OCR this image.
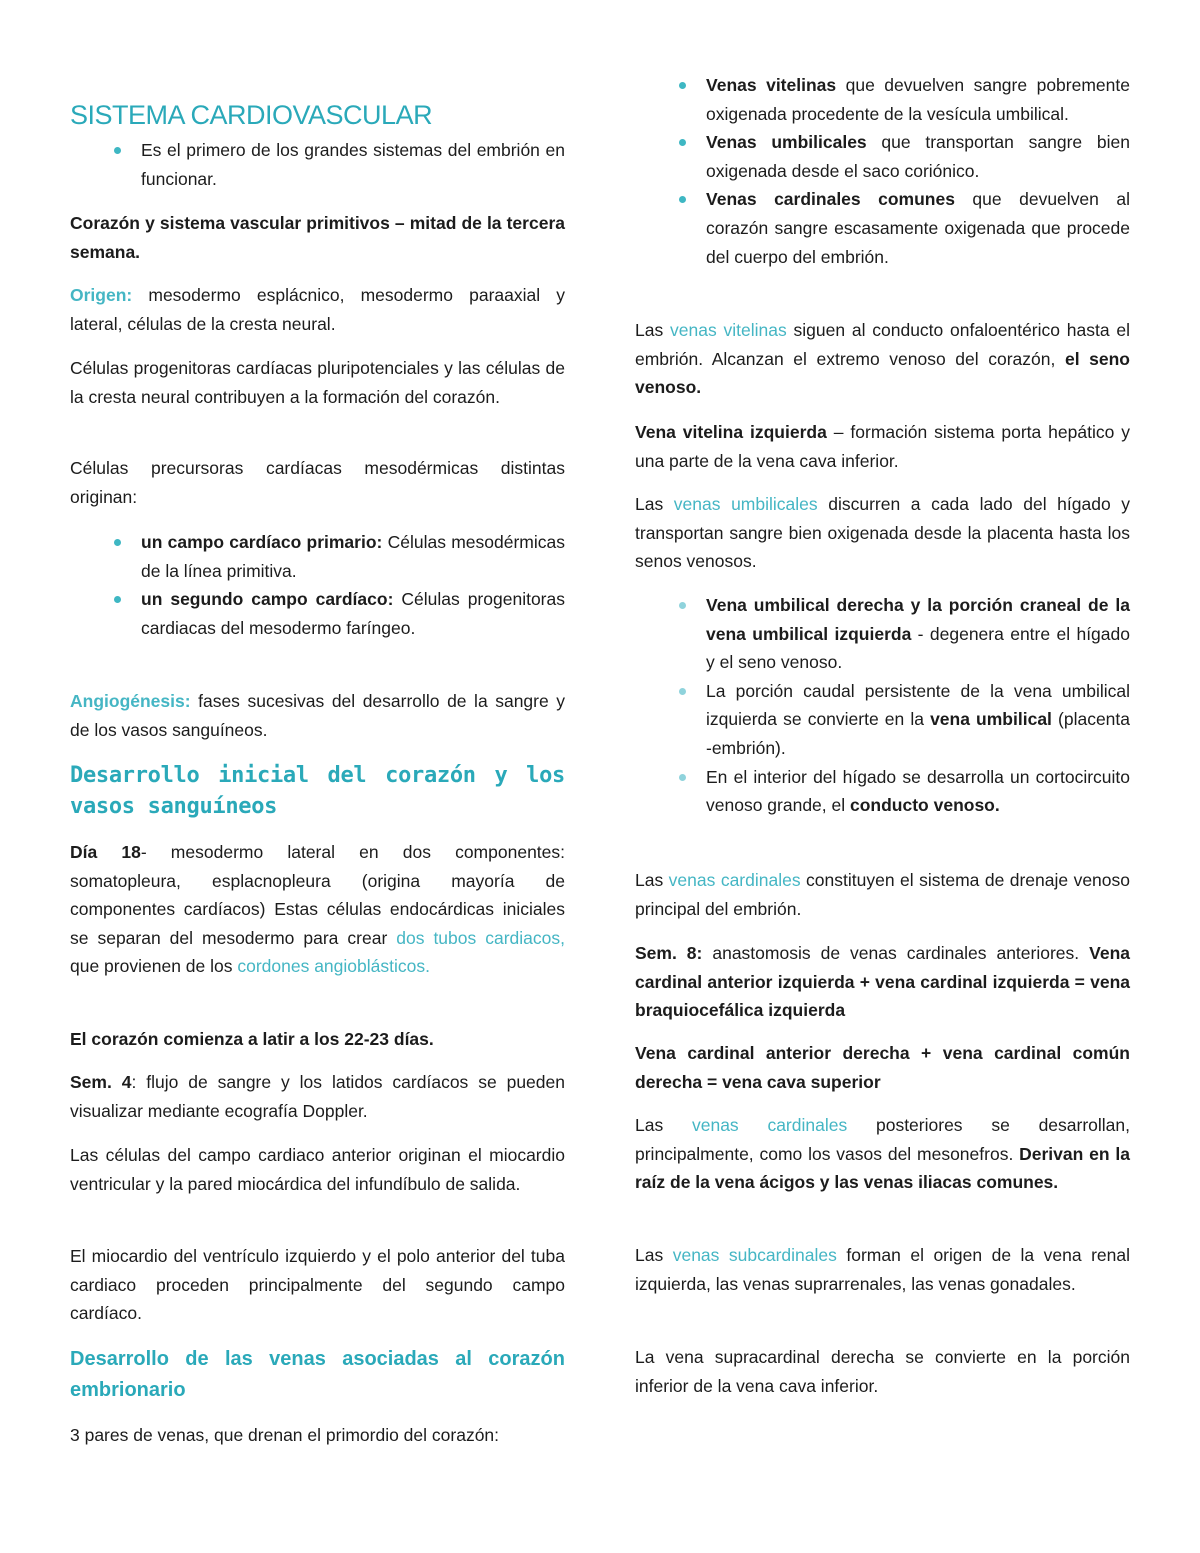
SISTEMA CARDIOVASCULAR
Es el primero de los grandes sistemas del embrión en funcionar.

Corazón y sistema vascular primitivos – mitad de la tercera semana.

Origen: mesodermo esplácnico, mesodermo paraaxial y lateral, células de la cresta neural.

Células progenitoras cardíacas pluripotenciales y las células de la cresta neural contribuyen a la formación del corazón.

Células precursoras cardíacas mesodérmicas distintas originan:

un campo cardíaco primario: Células mesodérmicas de la línea primitiva.
un segundo campo cardíaco: Células progenitoras cardiacas del mesodermo faríngeo.

Angiogénesis: fases sucesivas del desarrollo de la sangre y de los vasos sanguíneos.

Desarrollo inicial del corazón y los vasos sanguíneos

Día 18- mesodermo lateral en dos componentes: somatopleura, esplacnopleura (origina mayoría de componentes cardíacos) Estas células endocárdicas iniciales se separan del mesodermo para crear dos tubos cardiacos, que provienen de los cordones angioblásticos.

El corazón comienza a latir a los 22-23 días.

Sem. 4: flujo de sangre y los latidos cardíacos se pueden visualizar mediante ecografía Doppler.

Las células del campo cardiaco anterior originan el miocardio ventricular y la pared miocárdica del infundíbulo de salida.

El miocardio del ventrículo izquierdo y el polo anterior del tuba cardiaco proceden principalmente del segundo campo cardíaco.

Desarrollo de las venas asociadas al corazón embrionario

3 pares de venas, que drenan el primordio del corazón:

Venas vitelinas que devuelven sangre pobremente oxigenada procedente de la vesícula umbilical.
Venas umbilicales que transportan sangre bien oxigenada desde el saco coriónico.
Venas cardinales comunes que devuelven al corazón sangre escasamente oxigenada que procede del cuerpo del embrión.

Las venas vitelinas siguen al conducto onfaloentérico hasta el embrión. Alcanzan el extremo venoso del corazón, el seno venoso.

Vena vitelina izquierda – formación sistema porta hepático y una parte de la vena cava inferior.

Las venas umbilicales discurren a cada lado del hígado y transportan sangre bien oxigenada desde la placenta hasta los senos venosos.

Vena umbilical derecha y la porción craneal de la vena umbilical izquierda - degenera entre el hígado y el seno venoso.
La porción caudal persistente de la vena umbilical izquierda se convierte en la vena umbilical (placenta -embrión).
En el interior del hígado se desarrolla un cortocircuito venoso grande, el conducto venoso.

Las venas cardinales constituyen el sistema de drenaje venoso principal del embrión.

Sem. 8: anastomosis de venas cardinales anteriores. Vena cardinal anterior izquierda + vena cardinal izquierda = vena braquiocefálica izquierda

Vena cardinal anterior derecha + vena cardinal común derecha = vena cava superior

Las venas cardinales posteriores se desarrollan, principalmente, como los vasos del mesonefros. Derivan en la raíz de la vena ácigos y las venas iliacas comunes.

Las venas subcardinales forman el origen de la vena renal izquierda, las venas suprarrenales, las venas gonadales.

La vena supracardinal derecha se convierte en la porción inferior de la vena cava inferior.
